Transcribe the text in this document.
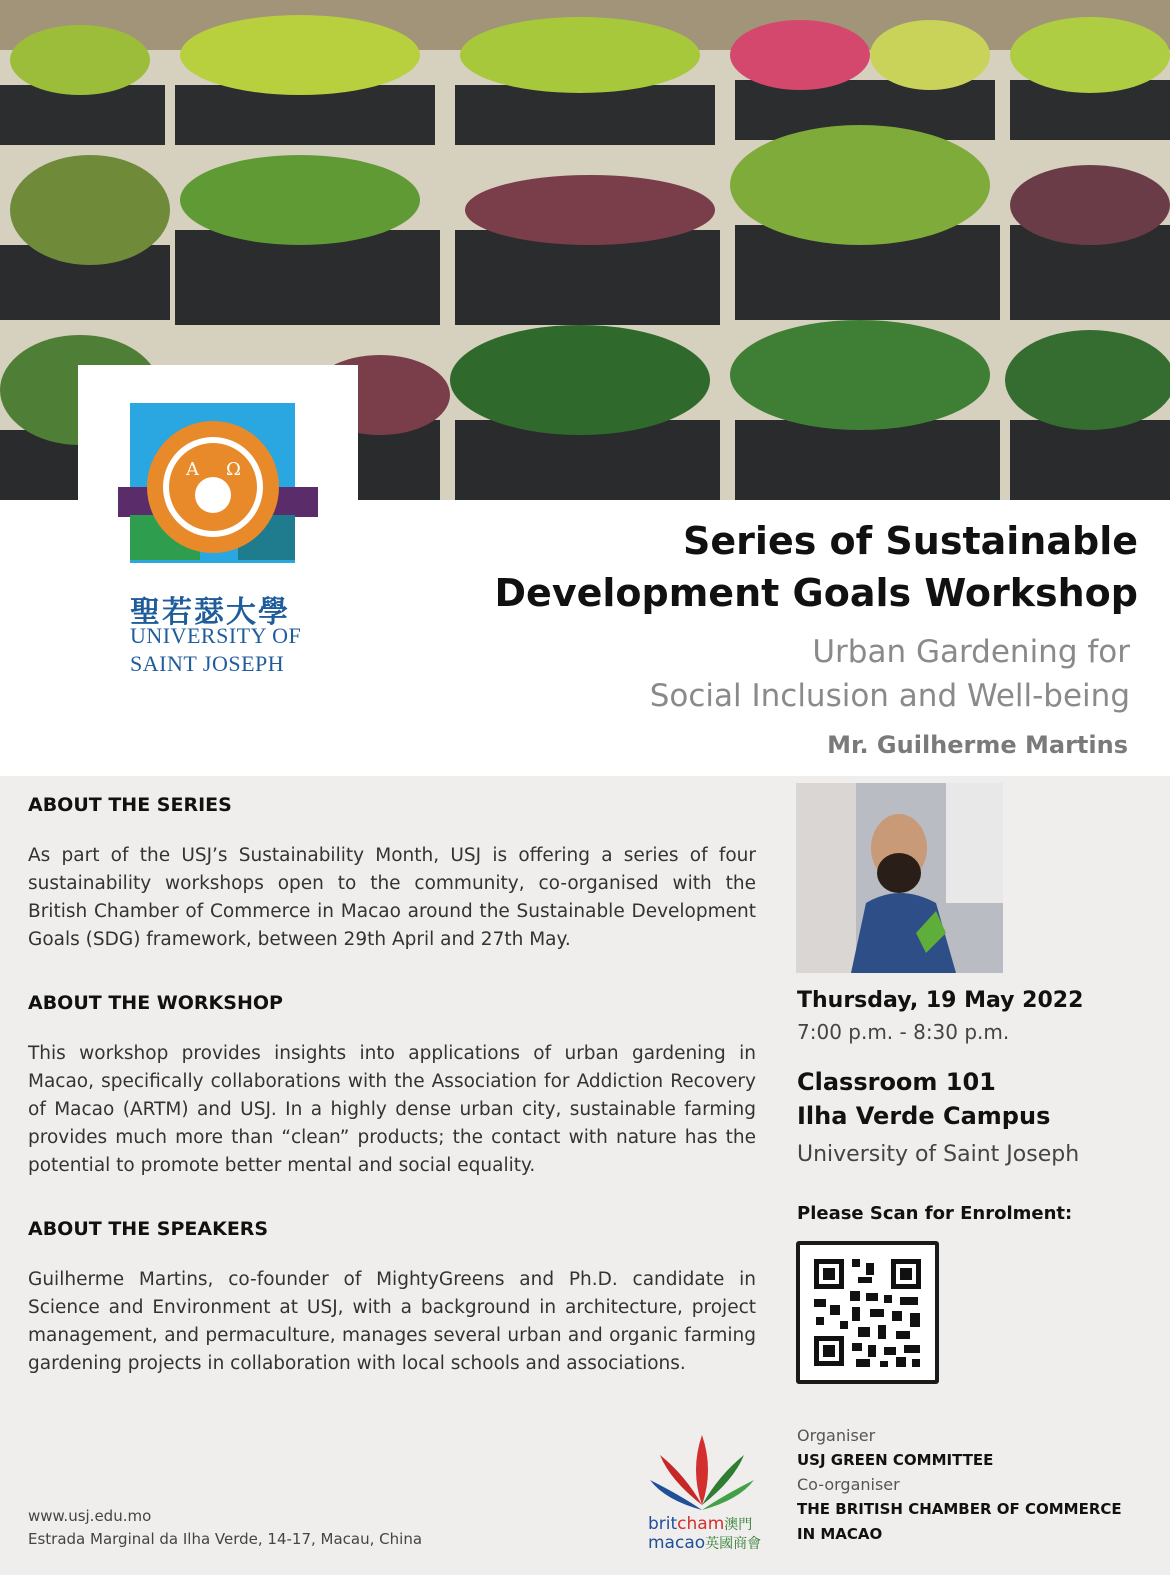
A Ω
聖若瑟大學
UNIVERSITY OF
SAINT JOSEPH
Series of Sustainable
Development Goals Workshop
Urban Gardening for
Social Inclusion and Well-being
Mr. Guilherme Martins
ABOUT THE SERIES

As part of the USJ’s Sustainability Month, USJ is offering a series of four sustainability workshops open to the community, co-organised with the British Chamber of Commerce in Macao around the Sustainable Development Goals (SDG) framework, between 29th April and 27th May.

ABOUT THE WORKSHOP

This workshop provides insights into applications of urban gardening in Macao, specifically collaborations with the Association for Addiction Recovery of Macao (ARTM) and USJ. In a highly dense urban city, sustainable farming provides much more than “clean” products; the contact with nature has the potential to promote better mental and social equality.

ABOUT THE SPEAKERS

Guilherme Martins, co-founder of MightyGreens and Ph.D. candidate in Science and Environment at USJ, with a background in architecture, project management, and permaculture, manages several urban and organic farming gardening projects in collaboration with local schools and associations.

Thursday, 19 May 2022
7:00 p.m. - 8:30 p.m.
Classroom 101
Ilha Verde Campus
University of Saint Joseph
Please Scan for Enrolment:
Organiser
USJ GREEN COMMITTEE
Co-organiser
THE BRITISH CHAMBER OF COMMERCE IN MACAO
britcham澳門
macao英國商會
www.usj.edu.mo
Estrada Marginal da Ilha Verde, 14-17, Macau, China
